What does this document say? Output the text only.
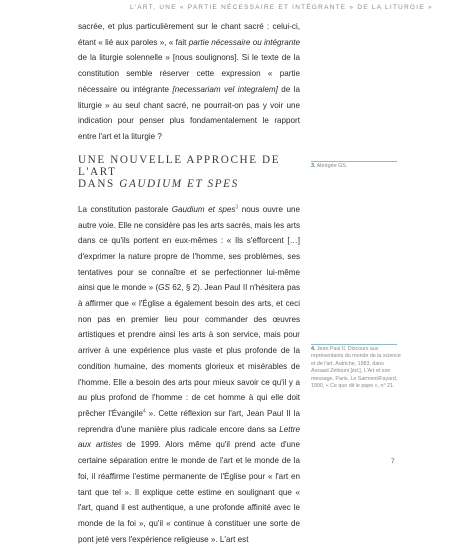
L'ART, UNE « PARTIE NÉCESSAIRE ET INTÉGRANTE » DE LA LITURGIE »

sacrée, et plus particulièrement sur le chant sacré : celui-ci, étant « lié aux paroles », « fait partie nécessaire ou intégrante de la liturgie solennelle » [nous soulignons]. Si le texte de la constitution semble réserver cette expression « partie nécessaire ou intégrante [necessariam vel integralem] de la liturgie » au seul chant sacré, ne pourrait-on pas y voir une indication pour penser plus fondamentalement le rapport entre l'art et la liturgie ?

UNE NOUVELLE APPROCHE DE L'ART
DANS GAUDIUM ET SPES

La constitution pastorale Gaudium et spes$^3$ nous ouvre une autre voie. Elle ne considère pas les arts sacrés, mais les arts dans ce qu'ils portent en eux-mêmes : « Ils s'efforcent […] d'exprimer la nature propre de l'homme, ses problèmes, ses tentatives pour se connaître et se perfectionner lui-même ainsi que le monde » (GS 62, § 2). Jean Paul II n'hésitera pas à affirmer que « l'Église a également besoin des arts, et ceci non pas en premier lieu pour commander des œuvres artistiques et prendre ainsi les arts à son service, mais pour arriver à une expérience plus vaste et plus profonde de la condition humaine, des moments glorieux et misérables de l'homme. Elle a besoin des arts pour mieux savoir ce qu'il y a au plus profond de l'homme : de cet homme à qui elle doit prêcher l'Évangile$^4$ ». Cette réflexion sur l'art, Jean Paul II la reprendra d'une manière plus radicale encore dans sa Lettre aux artistes de 1999. Alors même qu'il prend acte d'une certaine séparation entre le monde de l'art et le monde de la foi, il réaffirme l'estime permanente de l'Église pour « l'art en tant que tel ». Il explique cette estime en soulignant que « l'art, quand il est authentique, a une profonde affinité avec le monde de la foi », qu'il « continue à constituer une sorte de pont jeté vers l'expérience religieuse ». L'art est

3. Abrégée GS.
4. Jean Paul II, Discours aux représentants du monde de la science et de l'art, Autriche, 1983, dans Assaad Zeitouni [éd.], L'Art et son message, Paris, Le Sarment/Fayard, 1990, « Ce que dit le pape », n° 21.
7
